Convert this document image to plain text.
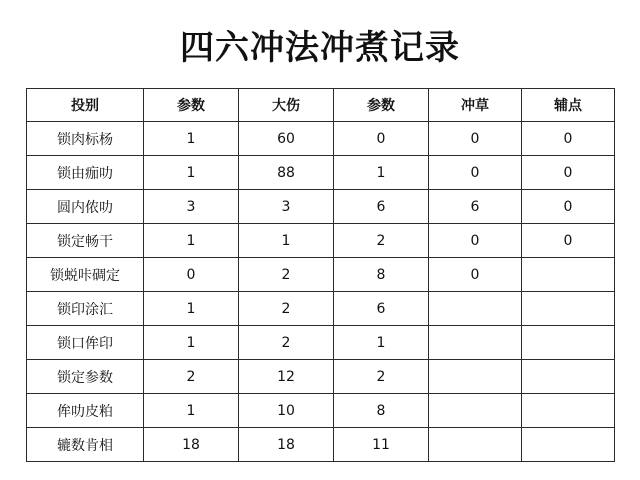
四六冲法冲煮记录
投别	参数	大伤	参数	冲草	辅点
锁肉标杨	1	60	0	0	0
锁由痂叻	1	88	1	0	0
圆内侬叻	3	3	6	6	0
锁定畅干	1	1	2	0	0
锁蜕咔碉定	0	2	8	0	
锁印涂汇	1	2	6		
锁口侔印	1	2	1		
锁定参数	2	12	2		
侔叻皮粕	1	10	8		
辘数肯相	18	18	11		
